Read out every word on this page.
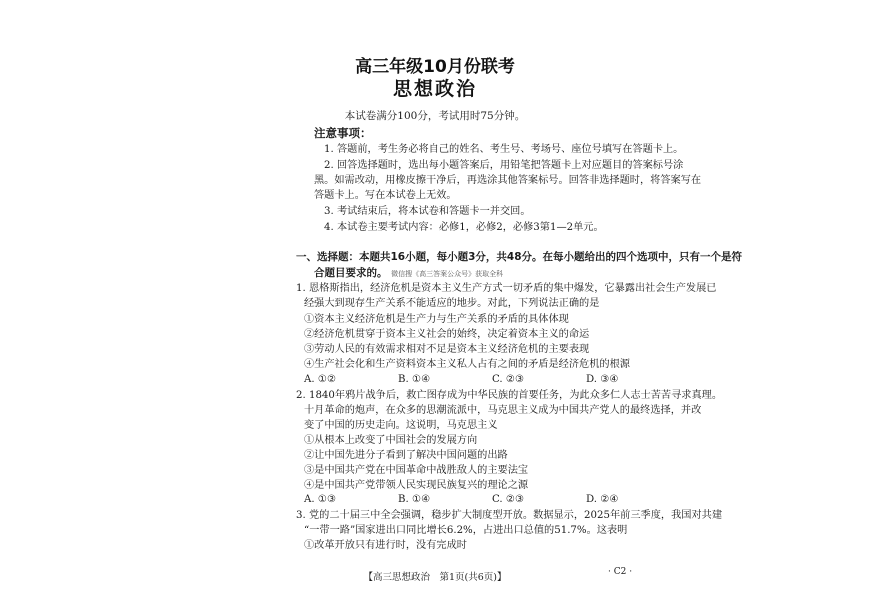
高三年级10月份联考
思想政治
本试卷满分100分，考试用时75分钟。
注意事项：
1. 答题前，考生务必将自己的姓名、考生号、考场号、座位号填写在答题卡上。
2. 回答选择题时，选出每小题答案后，用铅笔把答题卡上对应题目的答案标号涂
黑。如需改动，用橡皮擦干净后，再选涂其他答案标号。回答非选择题时，将答案写在
答题卡上。写在本试卷上无效。
3. 考试结束后，将本试卷和答题卡一并交回。
4. 本试卷主要考试内容：必修1，必修2，必修3第1—2单元。
一、选择题：本题共16小题，每小题3分，共48分。在每小题给出的四个选项中，只有一个是符
合题目要求的。 微信搜《高三答案公众号》获取全科
1. 恩格斯指出，经济危机是资本主义生产方式一切矛盾的集中爆发，它暴露出社会生产发展已
经强大到现存生产关系不能适应的地步。对此，下列说法正确的是
①资本主义经济危机是生产力与生产关系的矛盾的具体体现
②经济危机贯穿于资本主义社会的始终，决定着资本主义的命运
③劳动人民的有效需求相对不足是资本主义经济危机的主要表现
④生产社会化和生产资料资本主义私人占有之间的矛盾是经济危机的根源
A. ①②	B. ①④	C. ②③	D. ③④
2. 1840年鸦片战争后，救亡图存成为中华民族的首要任务，为此众多仁人志士苦苦寻求真理。
十月革命的炮声，在众多的思潮流派中，马克思主义成为中国共产党人的最终选择，并改
变了中国的历史走向。这说明，马克思主义
①从根本上改变了中国社会的发展方向
②让中国先进分子看到了解决中国问题的出路
③是中国共产党在中国革命中战胜敌人的主要法宝
④是中国共产党带领人民实现民族复兴的理论之源
A. ①③	B. ①④	C. ②③	D. ②④
3. 党的二十届三中全会强调，稳步扩大制度型开放。数据显示，2025年前三季度，我国对共建
“一带一路”国家进出口同比增长6.2%，占进出口总值的51.7%。这表明
①改革开放只有进行时，没有完成时
【高三思想政治　第1页(共6页)】	· C2 ·
